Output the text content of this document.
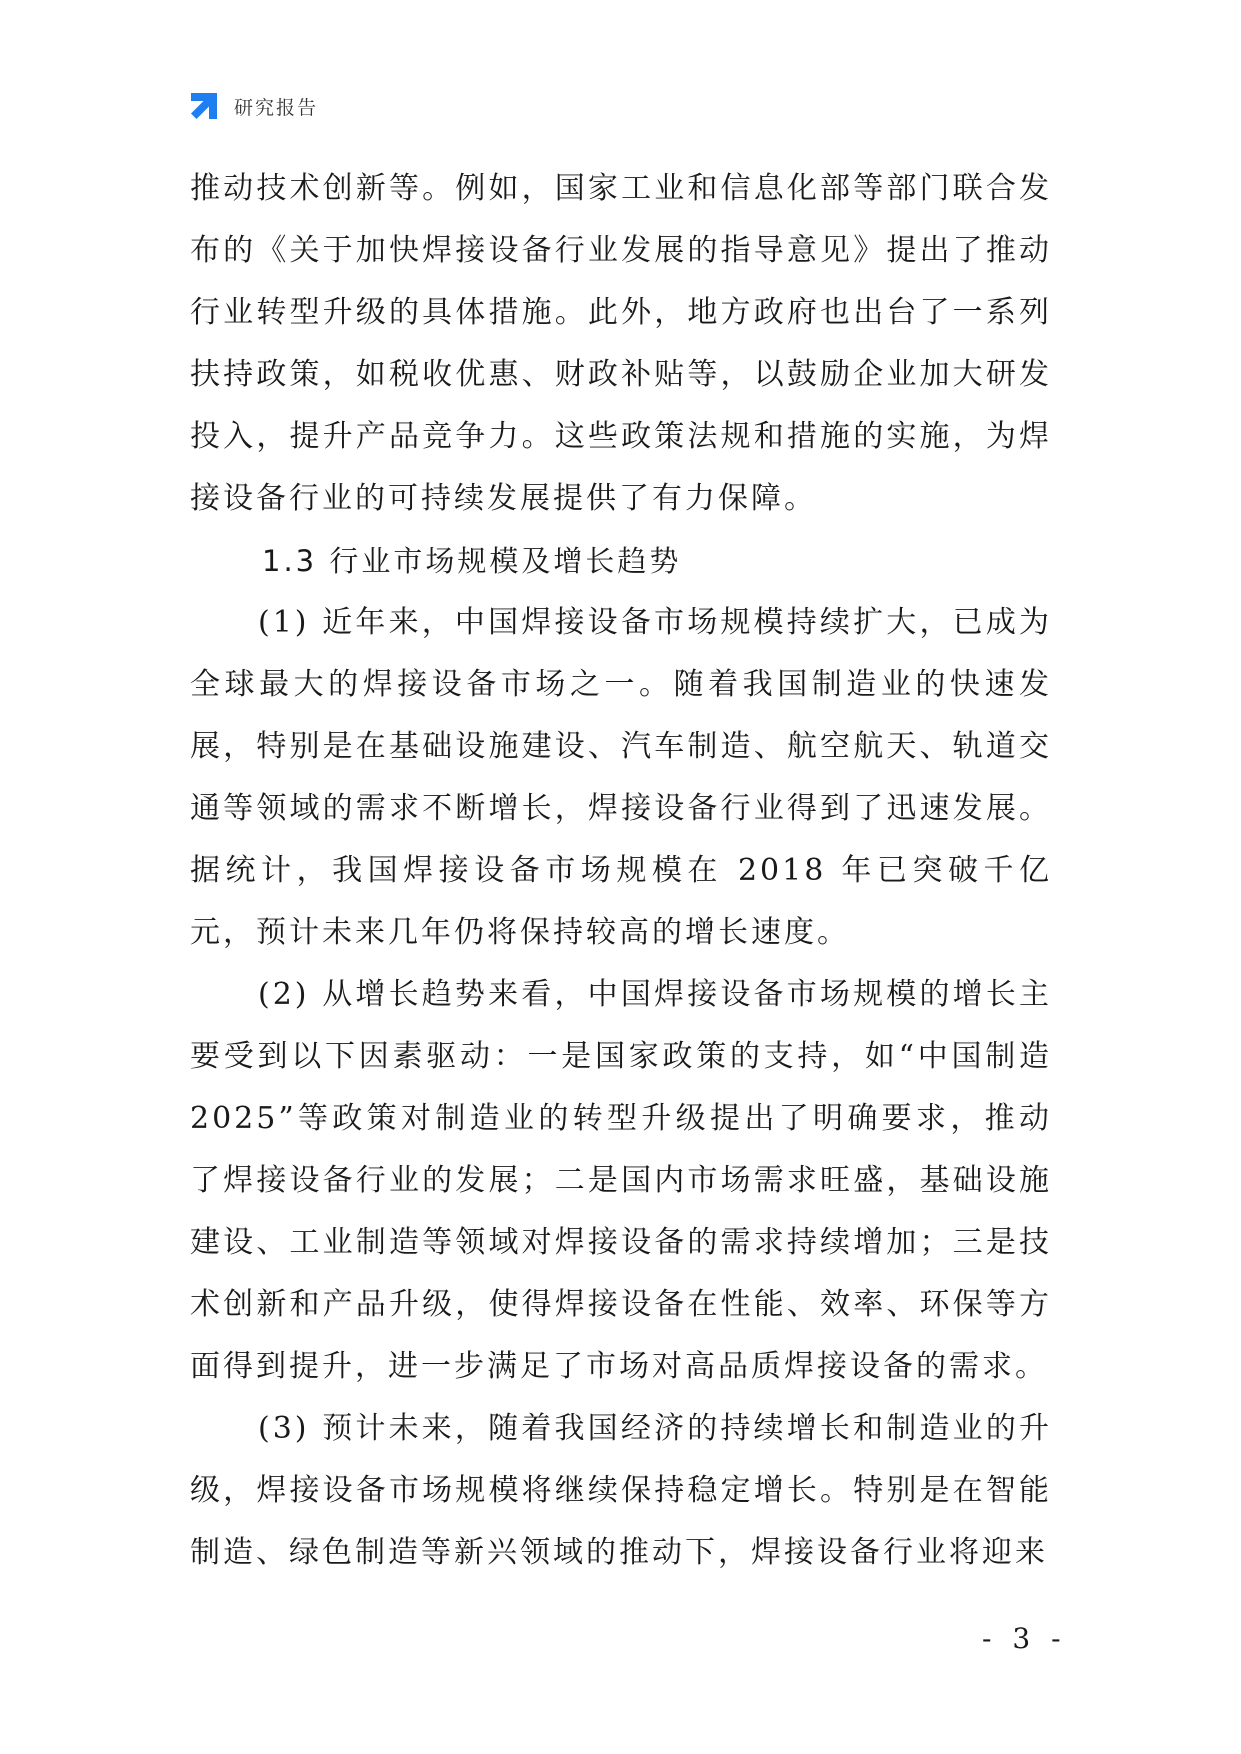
研究报告

推动技术创新等。例如，国家工业和信息化部等部门联合发布的《关于加快焊接设备行业发展的指导意见》提出了推动行业转型升级的具体措施。此外，地方政府也出台了一系列扶持政策，如税收优惠、财政补贴等，以鼓励企业加大研发投入，提升产品竞争力。这些政策法规和措施的实施，为焊接设备行业的可持续发展提供了有力保障。

1.3 行业市场规模及增长趋势

(1) 近年来，中国焊接设备市场规模持续扩大，已成为全球最大的焊接设备市场之一。随着我国制造业的快速发展，特别是在基础设施建设、汽车制造、航空航天、轨道交通等领域的需求不断增长，焊接设备行业得到了迅速发展。据统计，我国焊接设备市场规模在 2018 年已突破千亿元，预计未来几年仍将保持较高的增长速度。

(2) 从增长趋势来看，中国焊接设备市场规模的增长主要受到以下因素驱动：一是国家政策的支持，如“中国制造2025”等政策对制造业的转型升级提出了明确要求，推动了焊接设备行业的发展；二是国内市场需求旺盛，基础设施建设、工业制造等领域对焊接设备的需求持续增加；三是技术创新和产品升级，使得焊接设备在性能、效率、环保等方面得到提升，进一步满足了市场对高品质焊接设备的需求。

(3) 预计未来，随着我国经济的持续增长和制造业的升级，焊接设备市场规模将继续保持稳定增长。特别是在智能制造、绿色制造等新兴领域的推动下，焊接设备行业将迎来

- 3 -
